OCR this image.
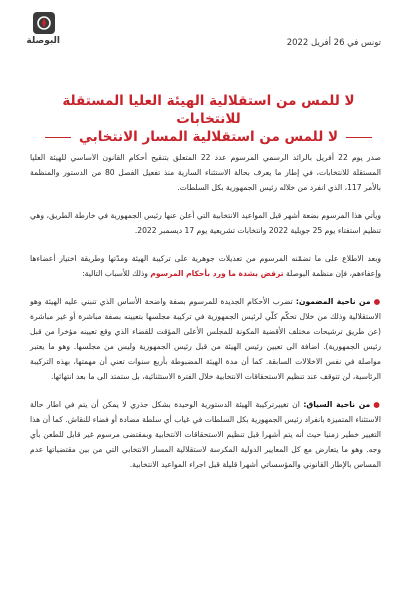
البوصلة	تونس في 26 أفريل 2022
لا للمس من استقلالية الهيئة العليا المستقلة للانتخابات
لا للمس من استقلالية المسار الانتخابي

صدر يوم 22 أفريل بالرائد الرسمي المرسوم عدد 22 المتعلق بتنقيح أحكام القانون الاساسي للهيئة العليا المستقلة للانتخابات، في إطار ما يعرف بحالة الاستثناء السارية منذ تفعيل الفصل 80 من الدستور والمنظمة بالأمر 117، الذي انفرد من خلاله رئيس الجمهورية بكل السلطات.

ويأتي هذا المرسوم بضعة أشهر قبل المواعيد الانتخابية التي أعلن عنها رئيس الجمهورية في خارطة الطريق، وهي تنظيم استفتاء يوم 25 جويلية 2022 وانتخابات تشريعية يوم 17 ديسمبر 2022.

وبعد الاطلاع على ما تضمّنه المرسوم من تعديلات جوهرية على تركيبة الهيئة ومدّتها وطريقة اختيار أعضاءها وإعفاءهم، فإن منظمة البوصلة ترفض بشدة ما ورد بأحكام المرسوم وذلك للأسباب التالية:

●من ناحية المضمون: تضرب الأحكام الجديدة للمرسوم بصفة واضحة الأساس الذي تنبني عليه الهيئة وهو الاستقلالية وذلك من خلال تحكّم كلّي لرئيس الجمهورية في تركيبة مجلسها بتعيينه بصفة مباشرة أو غير مباشرة (عن طريق ترشيحات مختلف الأقضية المكونة للمجلس الأعلى المؤقت للقضاء الذي وقع تعيينه مؤخرا من قبل رئيس الجمهورية). اضافة الى تعيين رئيس الهيئة من قبل رئيس الجمهورية وليس من مجلسها. وهو ما يعتبر مواصلة في نفس الاخلالات السابقة. كما أن مدة الهيئة المضبوطة بأربع سنوات تعني أن مهمتها، بهذه التركيبة الرئاسية، لن تتوقف عند تنظيم الاستحقاقات الانتخابية خلال الفترة الاستثنائية، بل ستمتد الى ما بعد انتهائها.

●من ناحية السياق: ان تغييرتركيبة الهيئة الدستورية الوحيدة بشكل جذري لا يمكن أن يتم في اطار حالة الاستثناء المتميزة بانفراد رئيس الجمهورية بكل السلطات في غياب أي سلطة مضادة أو فضاء للنقاش. كما أن هذا التغيير خطير زمنيا حيث أنه يتم أشهرا قبل تنظيم الاستحقاقات الانتخابية وبمقتضى مرسوم غير قابل للطعن بأي وجه. وهو ما يتعارض مع كل المعايير الدولية المكرسة لاستقلالية المسار الانتخابي التي من بين مقتضياتها عدم المساس بالإطار القانوني والمؤسساتي أشهرا قليلة قبل اجراء المواعيد الانتخابية.
